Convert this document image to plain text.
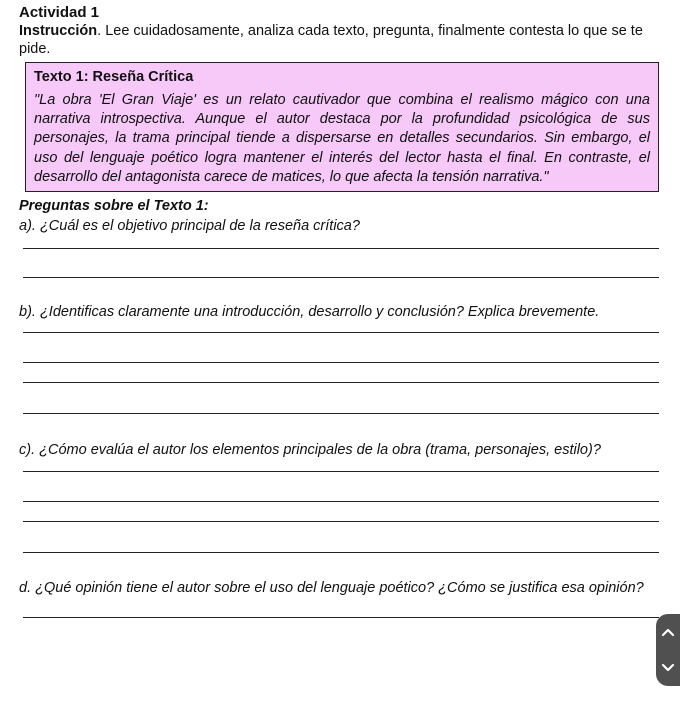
Actividad 1
Instrucción. Lee cuidadosamente, analiza cada texto, pregunta, finalmente contesta lo que se te pide.
Texto 1: Reseña Crítica
"La obra 'El Gran Viaje' es un relato cautivador que combina el realismo mágico con una narrativa introspectiva. Aunque el autor destaca por la profundidad psicológica de sus personajes, la trama principal tiende a dispersarse en detalles secundarios. Sin embargo, el uso del lenguaje poético logra mantener el interés del lector hasta el final. En contraste, el desarrollo del antagonista carece de matices, lo que afecta la tensión narrativa."
Preguntas sobre el Texto 1:
a). ¿Cuál es el objetivo principal de la reseña crítica?
b). ¿Identificas claramente una introducción, desarrollo y conclusión? Explica brevemente.
c). ¿Cómo evalúa el autor los elementos principales de la obra (trama, personajes, estilo)?
d. ¿Qué opinión tiene el autor sobre el uso del lenguaje poético? ¿Cómo se justifica esa opinión?
